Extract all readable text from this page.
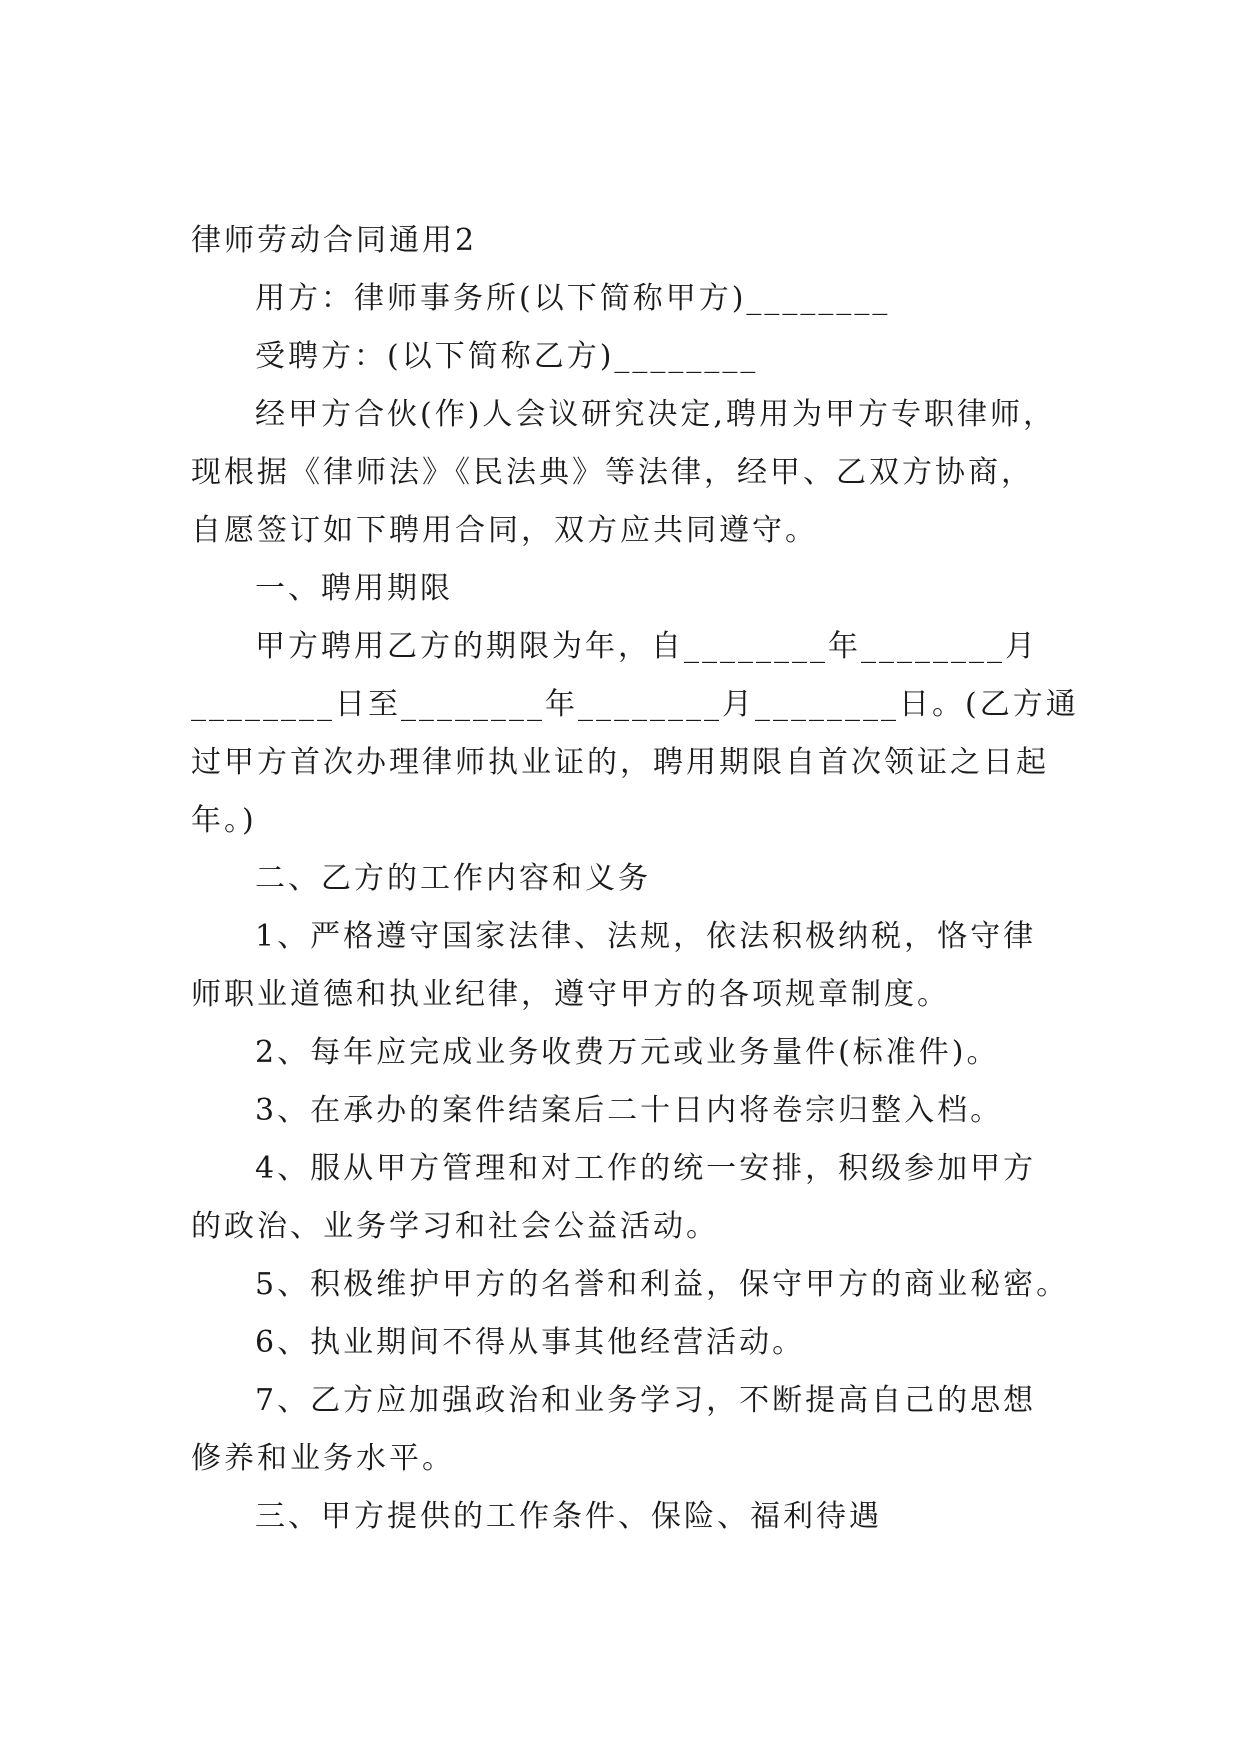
律师劳动合同通用2

用方：律师事务所(以下简称甲方)________

受聘方：(以下简称乙方)________

经甲方合伙(作)人会议研究决定,聘用为甲方专职律师，

现根据《律师法》《民法典》等法律，经甲、乙双方协商，

自愿签订如下聘用合同，双方应共同遵守。

一、聘用期限

甲方聘用乙方的期限为年，自________年________月

________日至________年________月________日。(乙方通

过甲方首次办理律师执业证的，聘用期限自首次领证之日起

年。)

二、乙方的工作内容和义务

1、严格遵守国家法律、法规，依法积极纳税，恪守律

师职业道德和执业纪律，遵守甲方的各项规章制度。

2、每年应完成业务收费万元或业务量件(标准件)。

3、在承办的案件结案后二十日内将卷宗归整入档。

4、服从甲方管理和对工作的统一安排，积级参加甲方

的政治、业务学习和社会公益活动。

5、积极维护甲方的名誉和利益，保守甲方的商业秘密。

6、执业期间不得从事其他经营活动。

7、乙方应加强政治和业务学习，不断提高自己的思想

修养和业务水平。

三、甲方提供的工作条件、保险、福利待遇
